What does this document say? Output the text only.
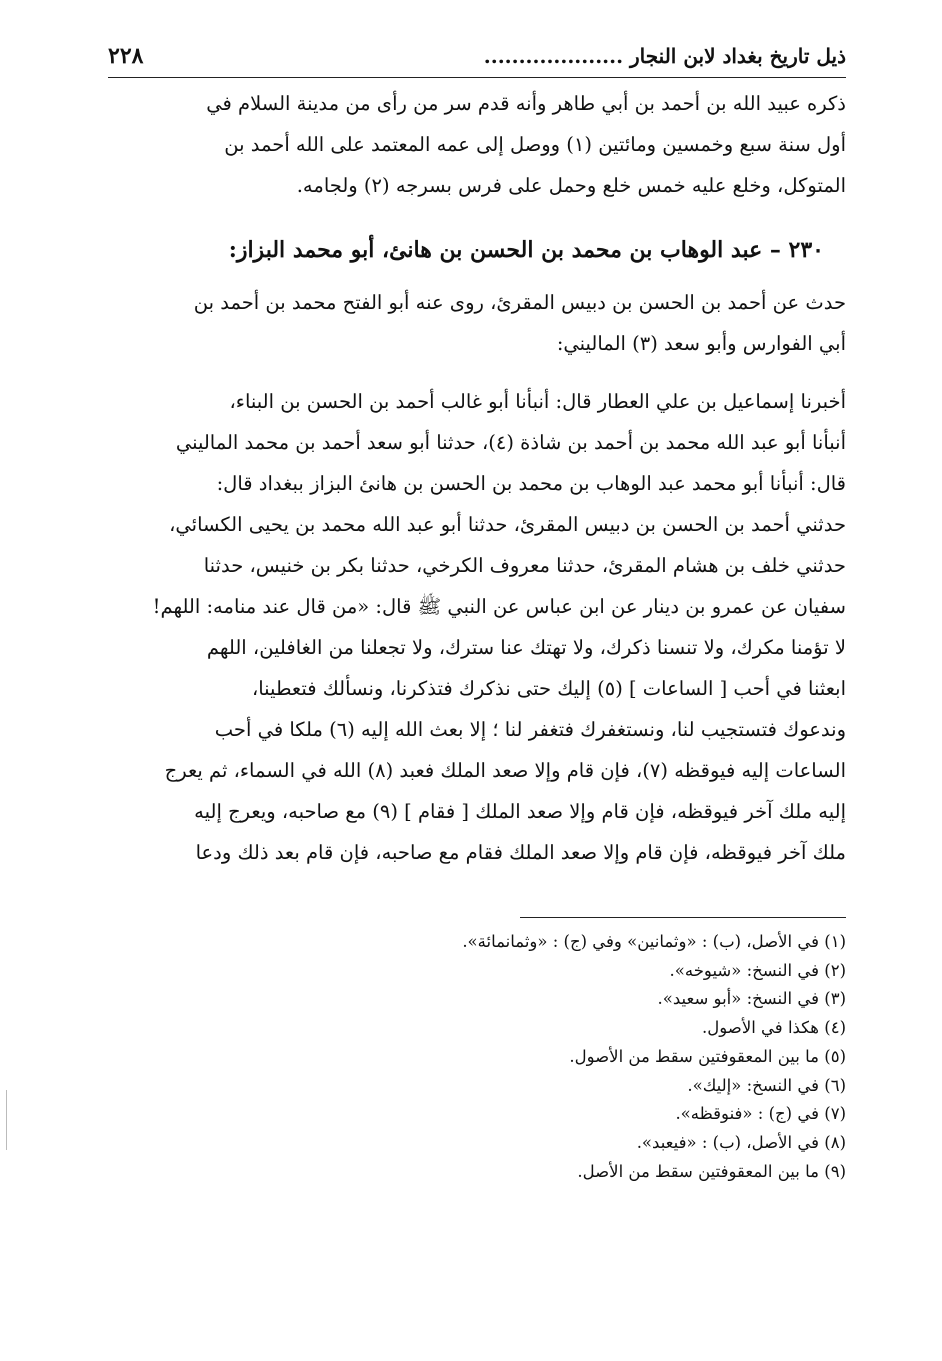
٢٢٨	ذيل تاريخ بغداد لابن النجار ....................

ذكره عبيد الله بن أحمد بن أبي طاهر وأنه قدم سر من رأى من مدينة السلام في

أول سنة سبع وخمسين ومائتين (١) ووصل إلى عمه المعتمد على الله أحمد بن

المتوكل، وخلع عليه خمس خلع وحمل على فرس بسرجه (٢) ولجامه.

٢٣٠ – عبد الوهاب بن محمد بن الحسن بن هانئ، أبو محمد البزاز:

حدث عن أحمد بن الحسن بن دبيس المقرئ، روى عنه أبو الفتح محمد بن أحمد بن

أبي الفوارس وأبو سعد (٣) الماليني:

أخبرنا إسماعيل بن علي العطار قال: أنبأنا أبو غالب أحمد بن الحسن بن البناء،

أنبأنا أبو عبد الله محمد بن أحمد بن شاذة (٤)، حدثنا أبو سعد أحمد بن محمد الماليني

قال: أنبأنا أبو محمد عبد الوهاب بن محمد بن الحسن بن هانئ البزاز ببغداد قال:

حدثني أحمد بن الحسن بن دبيس المقرئ، حدثنا أبو عبد الله محمد بن يحيى الكسائي،

حدثني خلف بن هشام المقرئ، حدثنا معروف الكرخي، حدثنا بكر بن خنيس، حدثنا

سفيان عن عمرو بن دينار عن ابن عباس عن النبي ﷺ قال: «من قال عند منامه: اللهم!

لا تؤمنا مكرك، ولا تنسنا ذكرك، ولا تهتك عنا سترك، ولا تجعلنا من الغافلين، اللهم

ابعثنا في أحب [ الساعات ] (٥) إليك حتى نذكرك فتذكرنا، ونسألك فتعطينا،

وندعوك فتستجيب لنا، ونستغفرك فتغفر لنا ؛ إلا بعث الله إليه (٦) ملكا في أحب

الساعات إليه فيوقظه (٧)، فإن قام وإلا صعد الملك فعبد (٨) الله في السماء، ثم يعرج

إليه ملك آخر فيوقظه، فإن قام وإلا صعد الملك [ فقام ] (٩) مع صاحبه، ويعرج إليه

ملك آخر فيوقظه، فإن قام وإلا صعد الملك فقام مع صاحبه، فإن قام بعد ذلك ودعا

(١) في الأصل، (ب) : «وثمانين» وفي (ج) : «وثمانمائة».
(٢) في النسخ: «شيوخه».
(٣) في النسخ: «أبو سعيد».
(٤) هكذا في الأصول.
(٥) ما بين المعقوفتين سقط من الأصول.
(٦) في النسخ: «إليك».
(٧) في (ج) : «فنوقظه».
(٨) في الأصل، (ب) : «فيعبد».
(٩) ما بين المعقوفتين سقط من الأصل.
